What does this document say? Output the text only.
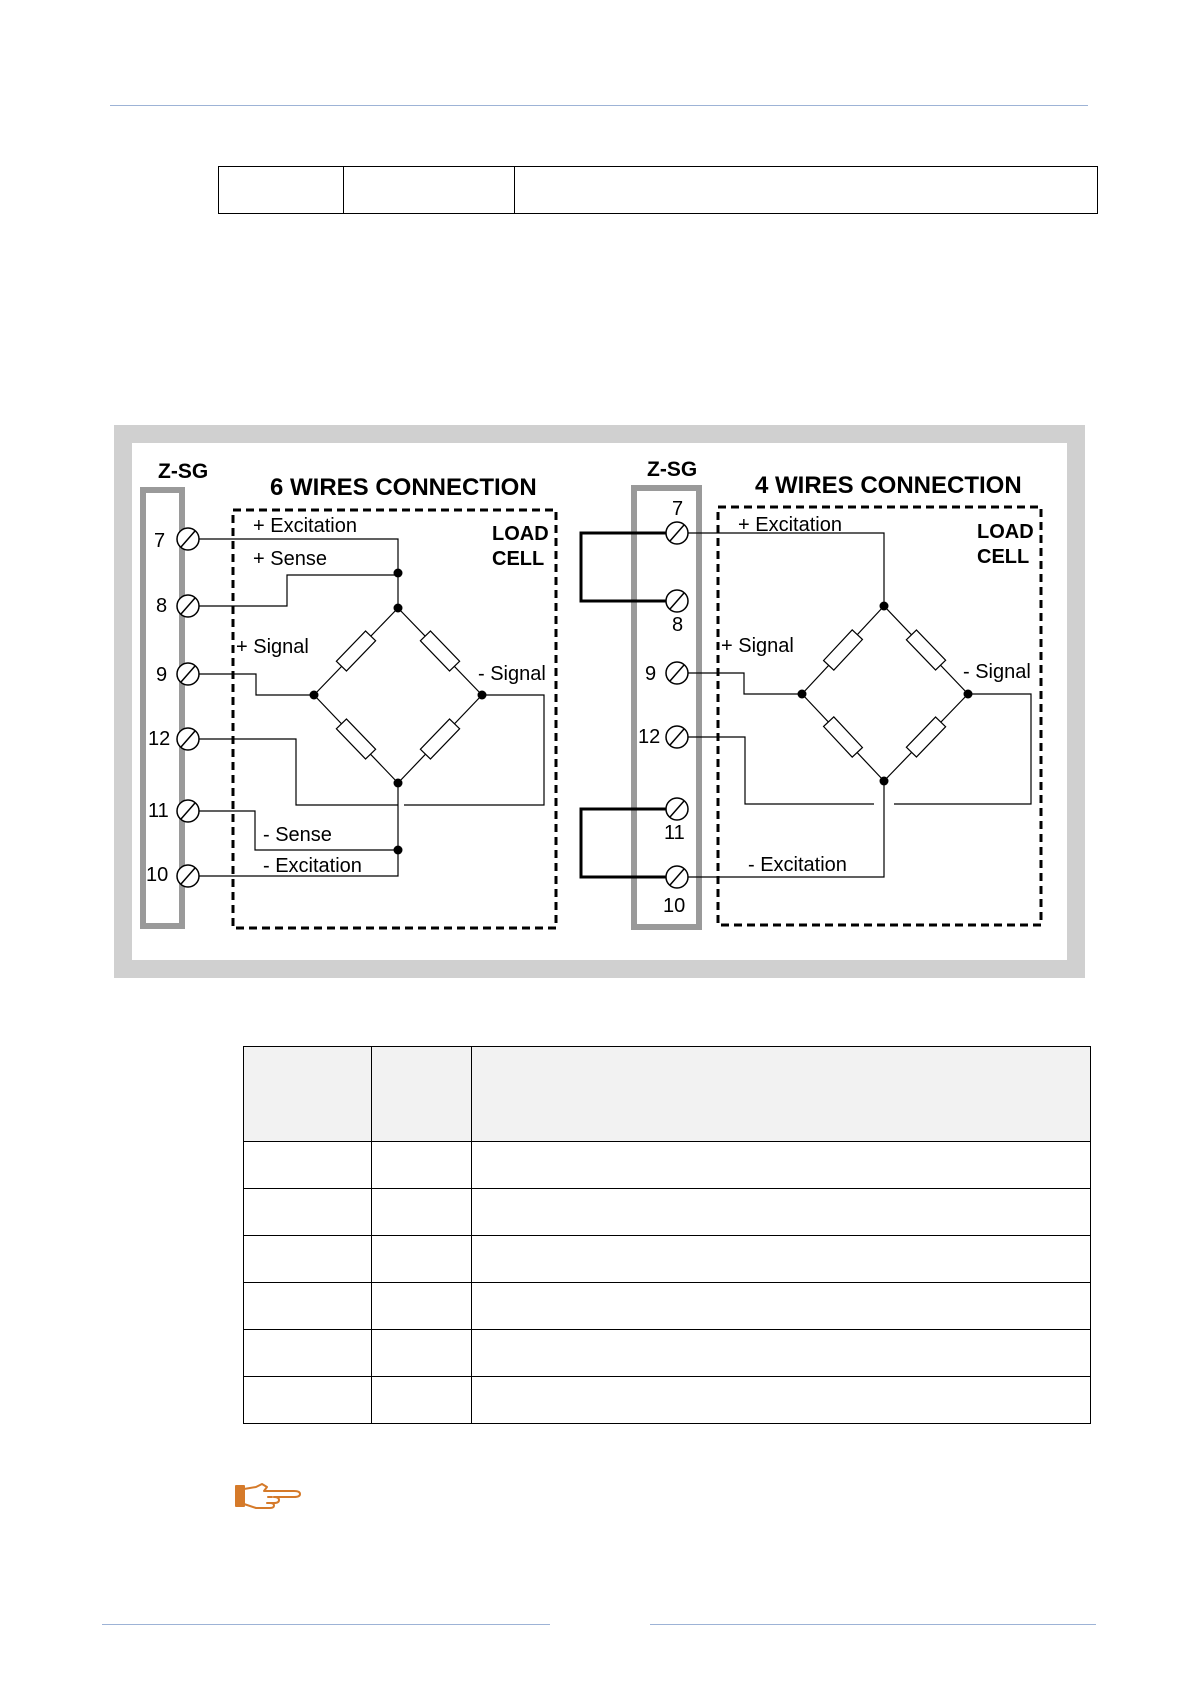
Z-SG
6 WIRES CONNECTION
LOAD
CELL
7
8
9
12
11
10
+ Excitation
+ Sense
+ Signal
- Signal
- Sense
- Excitation
Z-SG
4 WIRES CONNECTION
LOAD
CELL
7
8
9
12
11
10
+ Excitation
+ Signal
- Signal
- Excitation
